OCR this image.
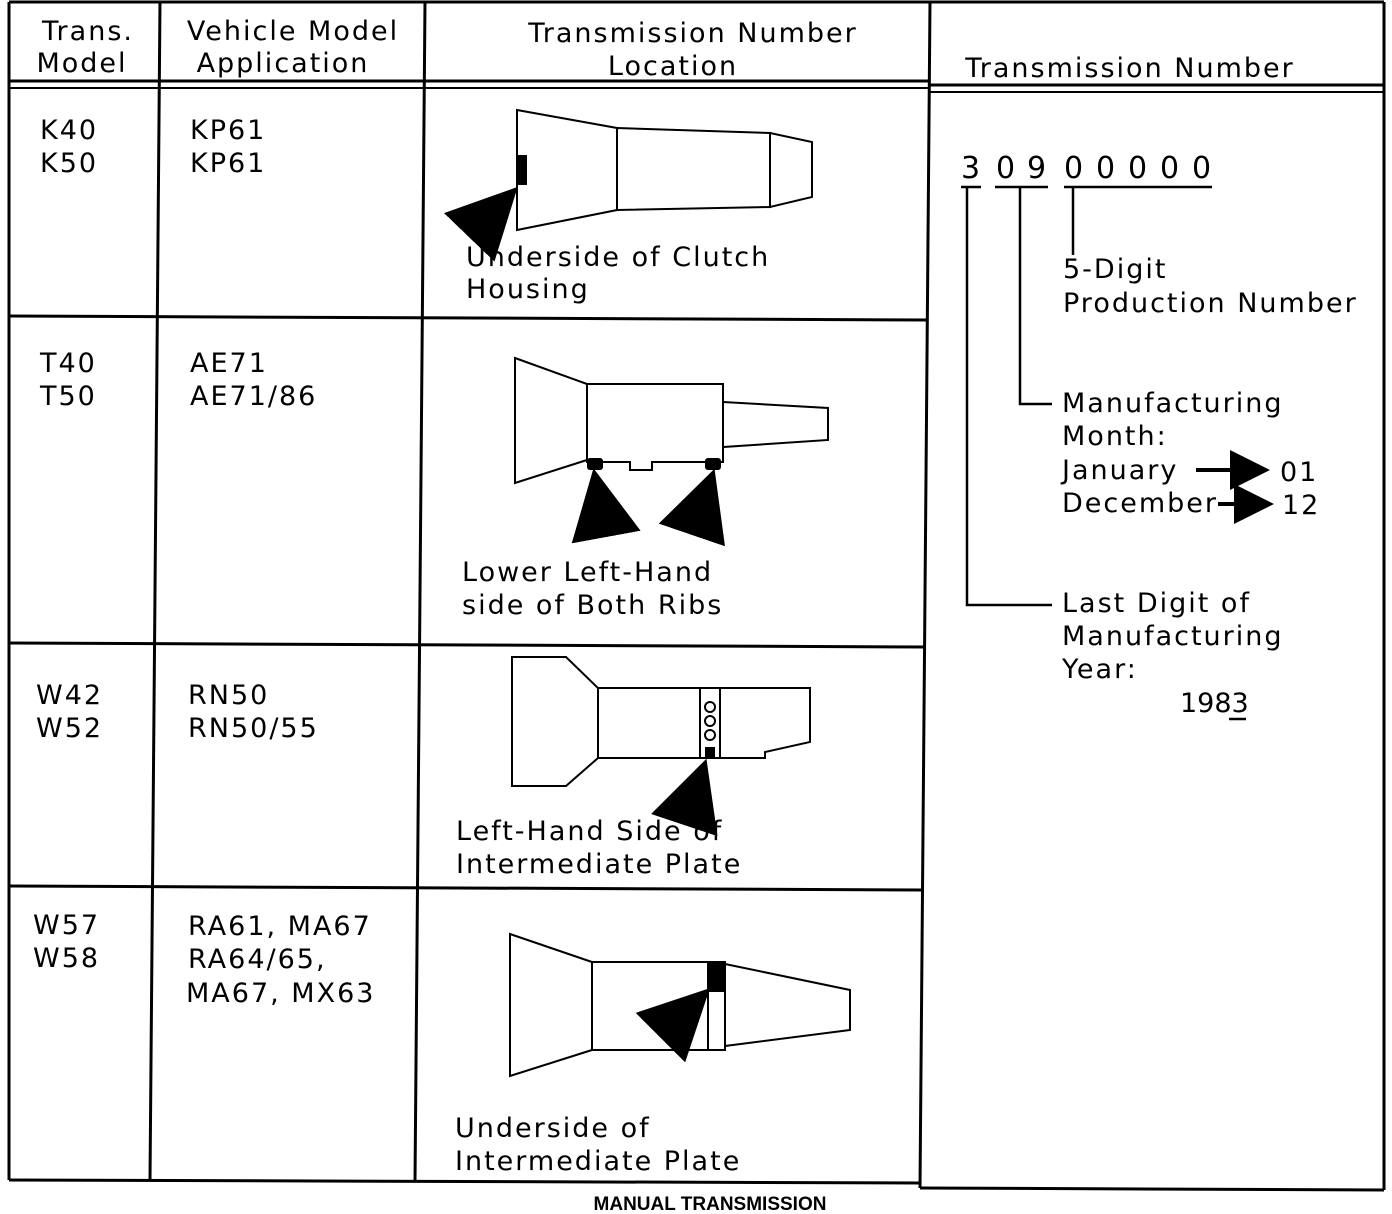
Trans.
Model
Vehicle Model
Application
Transmission Number
Location	Transmission Number
K40
K50
KP61
KP61
Underside of Clutch
Housing
T40
T50
AE71
AE71/86
Lower Left-Hand
side of Both Ribs
W42
W52
RN50
RN50/55
Left-Hand Side of
Intermediate Plate
W57
W58
RA61, MA67
RA64/65,
MA67, MX63
Underside of
Intermediate Plate
3 0 9 0 0 0 0 0
5-Digit
Production Number
Manufacturing
Month:
January	01
December 12
Last Digit of
Manufacturing
Year:
1983
MANUAL TRANSMISSION
